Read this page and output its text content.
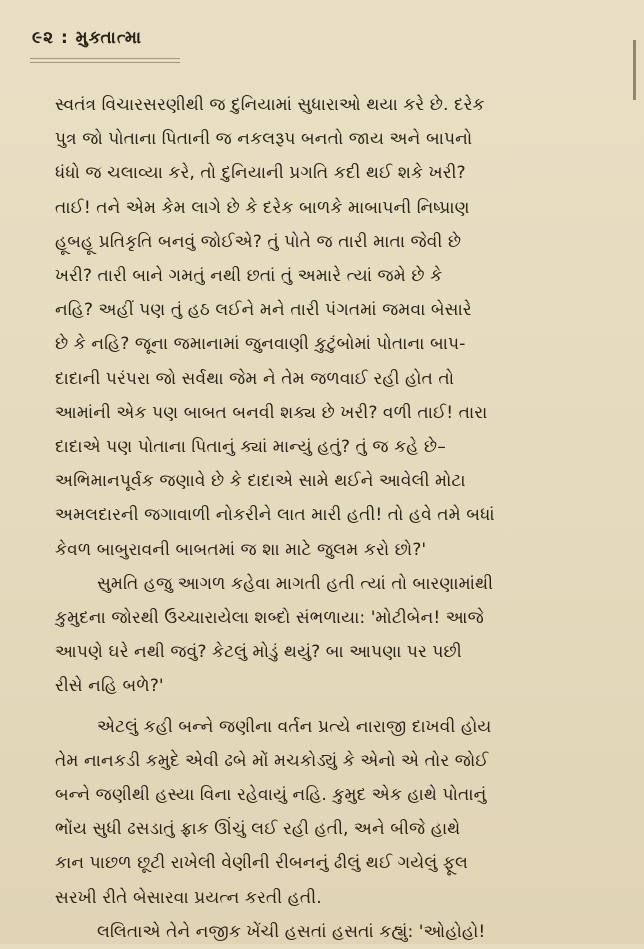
૯૨ : મુક્તાત્મા
સ્વતંત્ર વિચારસરણીથી જ દુનિયામાં સુધારાઓ થયા કરે છે. દરેક
પુત્ર જો પોતાના પિતાની જ નકલરૂપ બનતો જાય અને બાપનો
ધંધો જ ચલાવ્યા કરે, તો દુનિયાની પ્રગતિ કદી થઈ શકે ખરી?
તાઈ! તને એમ કેમ લાગે છે કે દરેક બાળકે માબાપની નિષ્પ્રાણ
હૂબહૂ પ્રતિકૃતિ બનવું જોઈએ? તું પોતે જ તારી માતા જેવી છે
ખરી? તારી બાને ગમતું નથી છતાં તું અમારે ત્યાં જમે છે કે
નહિ? અહીં પણ તું હઠ લઈને મને તારી પંગતમાં જમવા બેસારે
છે કે નહિ? જૂના જમાનામાં જુનવાણી કુટુંબોમાં પોતાના બાપ-
દાદાની પરંપરા જો સર્વથા જેમ ને તેમ જળવાઈ રહી હોત તો
આમાંની એક પણ બાબત બનવી શક્ય છે ખરી? વળી તાઈ! તારા
દાદાએ પણ પોતાના પિતાનું ક્યાં માન્યું હતું? તું જ કહે છે–
અભિમાનપૂર્વક જણાવે છે કે દાદાએ સામે થઈને આવેલી મોટા
અમલદારની જગાવાળી નોકરીને લાત મારી હતી! તો હવે તમે બધાં
કેવળ બાબુરાવની બાબતમાં જ શા માટે જુલમ કરો છો?'
સુમતિ હજુ આગળ કહેવા માગતી હતી ત્યાં તો બારણામાંથી
કુમુદના જોરથી ઉચ્ચારાયેલા શબ્દો સંભળાયા: 'મોટીબેન! આજે
આપણે ઘરે નથી જવું? કેટલું મોડું થયું? બા આપણા પર પછી
રીસે નહિ બળે?'
એટલું કહી બન્ને જણીના વર્તન પ્રત્યે નારાજી દાખવી હોય
તેમ નાનકડી કમુદે એવી ઢબે મોં મચકોડ્યું કે એનો એ તોર જોઈ
બન્ને જણીથી હસ્યા વિના રહેવાયું નહિ. કુમુદ એક હાથે પોતાનું
ભોંય સુધી ઢસડાતું ફ્રાક ઊંચું લઈ રહી હતી, અને બીજે હાથે
કાન પાછળ છૂટી રાખેલી વેણીની રીબનનું ઢીલું થઈ ગયેલું ફૂલ
સરખી રીતે બેસારવા પ્રયત્ન કરતી હતી.
લલિતાએ તેને નજીક ખેંચી હસતાં હસતાં કહ્યું: 'ઓહોહો!
